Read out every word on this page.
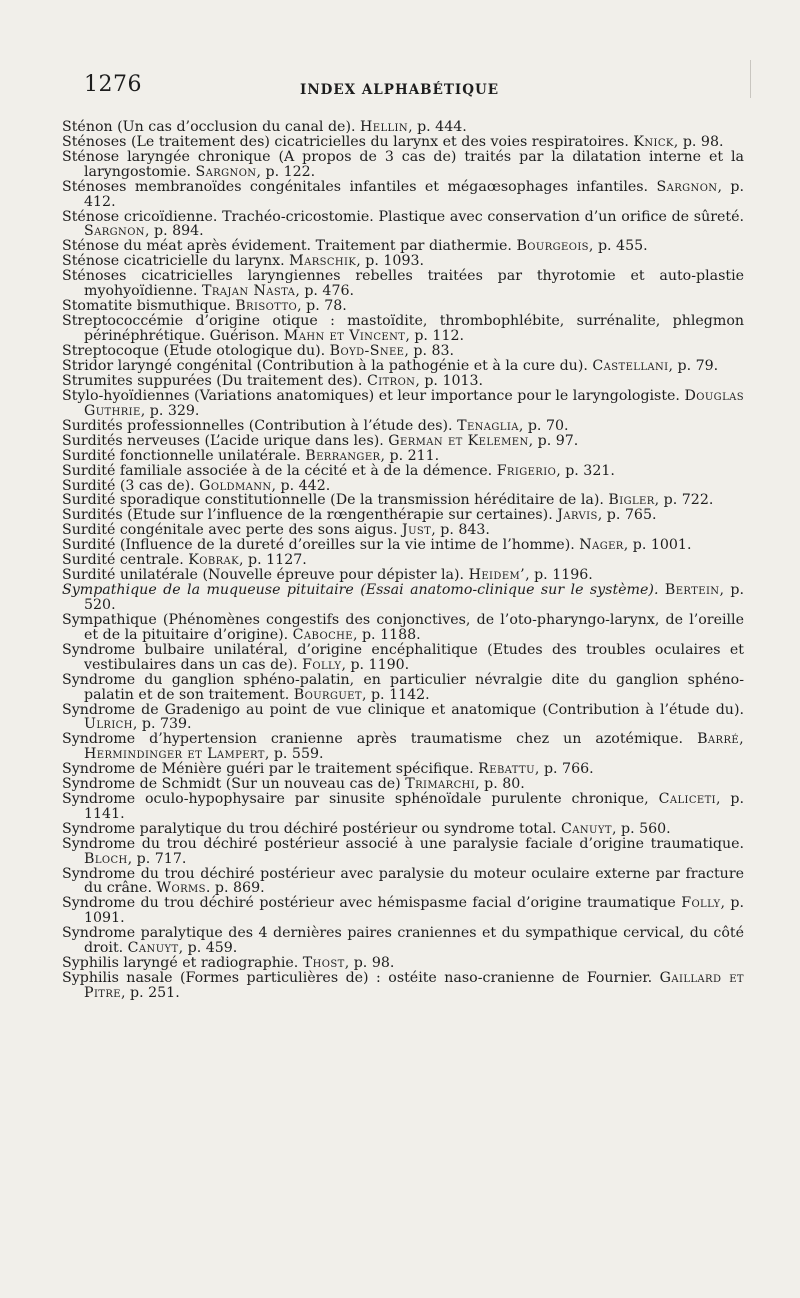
1276	INDEX ALPHABÉTIQUE

Sténon (Un cas d’occlusion du canal de). Hellin, p. 444.

Sténoses (Le traitement des) cicatricielles du larynx et des voies respiratoires. Knick, p. 98.

Sténose laryngée chronique (A propos de 3 cas de) traités par la dilatation interne et la laryngostomie. Sargnon, p. 122.

Sténoses membranoïdes congénitales infantiles et mégaœsophages infantiles. Sargnon, p. 412.

Sténose cricoïdienne. Trachéo-cricostomie. Plastique avec conservation d’un orifice de sûreté. Sargnon, p. 894.

Sténose du méat après évidement. Traitement par diathermie. Bourgeois, p. 455.

Sténose cicatricielle du larynx. Marschik, p. 1093.

Sténoses cicatricielles laryngiennes rebelles traitées par thyrotomie et auto-plastie myohyoïdienne. Trajan Nasta, p. 476.

Stomatite bismuthique. Brisotto, p. 78.

Streptococcémie d’origine otique : mastoïdite, thrombophlébite, surrénalite, phlegmon périnéphrétique. Guérison. Mahn et Vincent, p. 112.

Streptocoque (Etude otologique du). Boyd-Snee, p. 83.

Stridor laryngé congénital (Contribution à la pathogénie et à la cure du). Castellani, p. 79.

Strumites suppurées (Du traitement des). Citron, p. 1013.

Stylo-hyoïdiennes (Variations anatomiques) et leur importance pour le laryngologiste. Douglas Guthrie, p. 329.

Surdités professionnelles (Contribution à l’étude des). Tenaglia, p. 70.

Surdités nerveuses (L’acide urique dans les). German et Kelemen, p. 97.

Surdité fonctionnelle unilatérale. Berranger, p. 211.

Surdité familiale associée à de la cécité et à de la démence. Frigerio, p. 321.

Surdité (3 cas de). Goldmann, p. 442.

Surdité sporadique constitutionnelle (De la transmission héréditaire de la). Bigler, p. 722.

Surdités (Etude sur l’influence de la rœngenthérapie sur certaines). Jarvis, p. 765.

Surdité congénitale avec perte des sons aigus. Just, p. 843.

Surdité (Influence de la dureté d’oreilles sur la vie intime de l’homme). Nager, p. 1001.

Surdité centrale. Kobrak, p. 1127.

Surdité unilatérale (Nouvelle épreuve pour dépister la). Heidem’, p. 1196.

Sympathique de la muqueuse pituitaire (Essai anatomo-clinique sur le système). Bertein, p. 520.

Sympathique (Phénomènes congestifs des conjonctives, de l’oto-pharyngo-larynx, de l’oreille et de la pituitaire d’origine). Caboche, p. 1188.

Syndrome bulbaire unilatéral, d’origine encéphalitique (Etudes des troubles oculaires et vestibulaires dans un cas de). Folly, p. 1190.

Syndrome du ganglion sphéno-palatin, en particulier névralgie dite du ganglion sphéno-palatin et de son traitement. Bourguet, p. 1142.

Syndrome de Gradenigo au point de vue clinique et anatomique (Contribution à l’étude du). Ulrich, p. 739.

Syndrome d’hypertension cranienne après traumatisme chez un azotémique. Barré, Hermindinger et Lampert, p. 559.

Syndrome de Ménière guéri par le traitement spécifique. Rebattu, p. 766.

Syndrome de Schmidt (Sur un nouveau cas de) Trimarchi, p. 80.

Syndrome oculo-hypophysaire par sinusite sphénoïdale purulente chronique, Caliceti, p. 1141.

Syndrome paralytique du trou déchiré postérieur ou syndrome total. Canuyt, p. 560.

Syndrome du trou déchiré postérieur associé à une paralysie faciale d’origine traumatique. Bloch, p. 717.

Syndrome du trou déchiré postérieur avec paralysie du moteur oculaire externe par fracture du crâne. Worms. p. 869.

Syndrome du trou déchiré postérieur avec hémispasme facial d’origine traumatique Folly, p. 1091.

Syndrome paralytique des 4 dernières paires craniennes et du sympathique cervical, du côté droit. Canuyt, p. 459.

Syphilis laryngé et radiographie. Thost, p. 98.

Syphilis nasale (Formes particulières de) : ostéite naso-cranienne de Fournier. Gaillard et Pitre, p. 251.
